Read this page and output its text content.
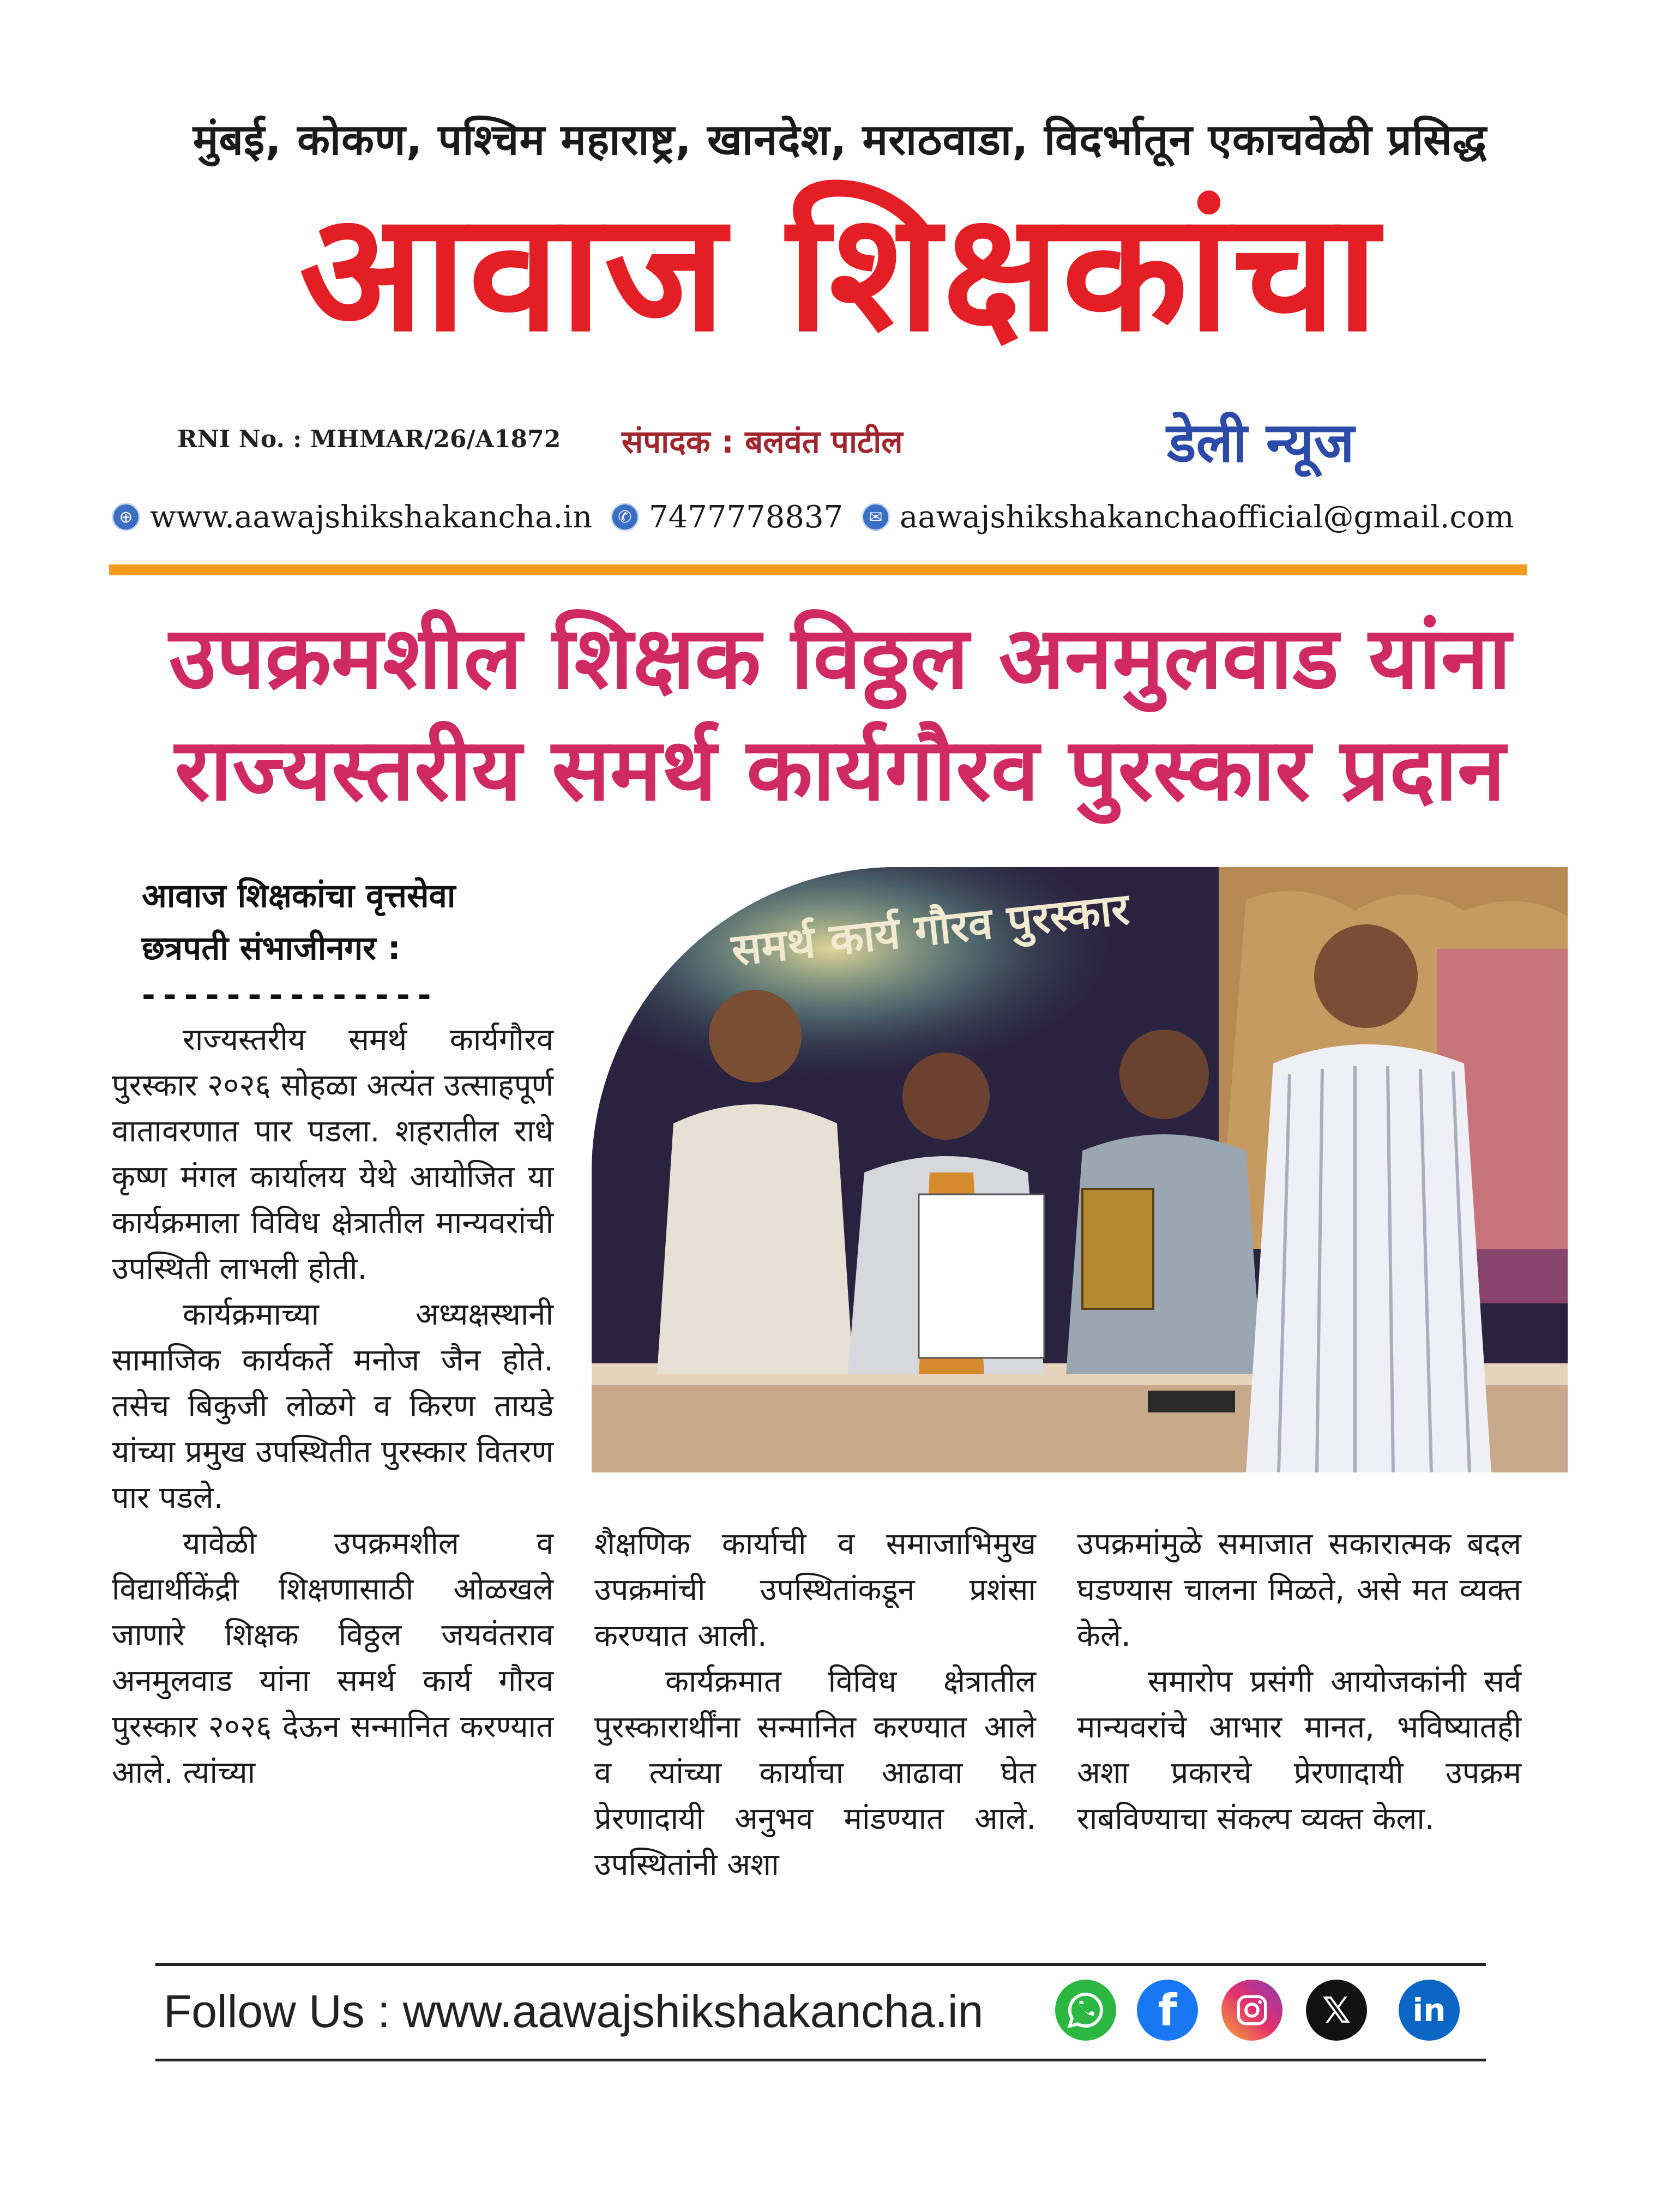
मुंबई, कोकण, पश्चिम महाराष्ट्र, खानदेश, मराठवाडा, विदर्भातून एकाचवेळी प्रसिद्ध
आवाज शिक्षकांचा
RNI No. : MHMAR/26/A1872 संपादक : बलवंत पाटील	डेली न्यूज
⊕ www.aawajshikshakancha.in	✆ 7477778837	✉ aawajshikshakanchaofficial@gmail.com
उपक्रमशील शिक्षक विठ्ठल अनमुलवाड यांना
राज्यस्तरीय समर्थ कार्यगौरव पुरस्कार प्रदान
आवाज शिक्षकांचा वृत्तसेवा
छत्रपती संभाजीनगर :
--------------

राज्यस्तरीय समर्थ कार्यगौरव पुरस्कार २०२६ सोहळा अत्यंत उत्साहपूर्ण वातावरणात पार पडला. शहरातील राधे कृष्ण मंगल कार्यालय येथे आयोजित या कार्यक्रमाला विविध क्षेत्रातील मान्यवरांची उपस्थिती लाभली होती.

कार्यक्रमाच्या अध्यक्षस्थानी सामाजिक कार्यकर्ते मनोज जैन होते. तसेच बिकुजी लोळगे व किरण तायडे यांच्या प्रमुख उपस्थितीत पुरस्कार वितरण पार पडले.

यावेळी उपक्रमशील व विद्यार्थीकेंद्री शिक्षणासाठी ओळखले जाणारे शिक्षक विठ्ठल जयवंतराव अनमुलवाड यांना समर्थ कार्य गौरव पुरस्कार २०२६ देऊन सन्मानित करण्यात आले. त्यांच्या

समर्थ कार्य गौरव पुरस्कार

शैक्षणिक कार्याची व समाजाभिमुख उपक्रमांची उपस्थितांकडून प्रशंसा करण्यात आली.

कार्यक्रमात विविध क्षेत्रातील पुरस्कारार्थींना सन्मानित करण्यात आले व त्यांच्या कार्याचा आढावा घेत प्रेरणादायी अनुभव मांडण्यात आले. उपस्थितांनी अशा

उपक्रमांमुळे समाजात सकारात्मक बदल घडण्यास चालना मिळते, असे मत व्यक्त केले.

समारोप प्रसंगी आयोजकांनी सर्व मान्यवरांचे आभार मानत, भविष्यातही अशा प्रकारचे प्रेरणादायी उपक्रम राबविण्याचा संकल्प व्यक्त केला.

Follow Us : www.aawajshikshakancha.in	f	𝕏	in
